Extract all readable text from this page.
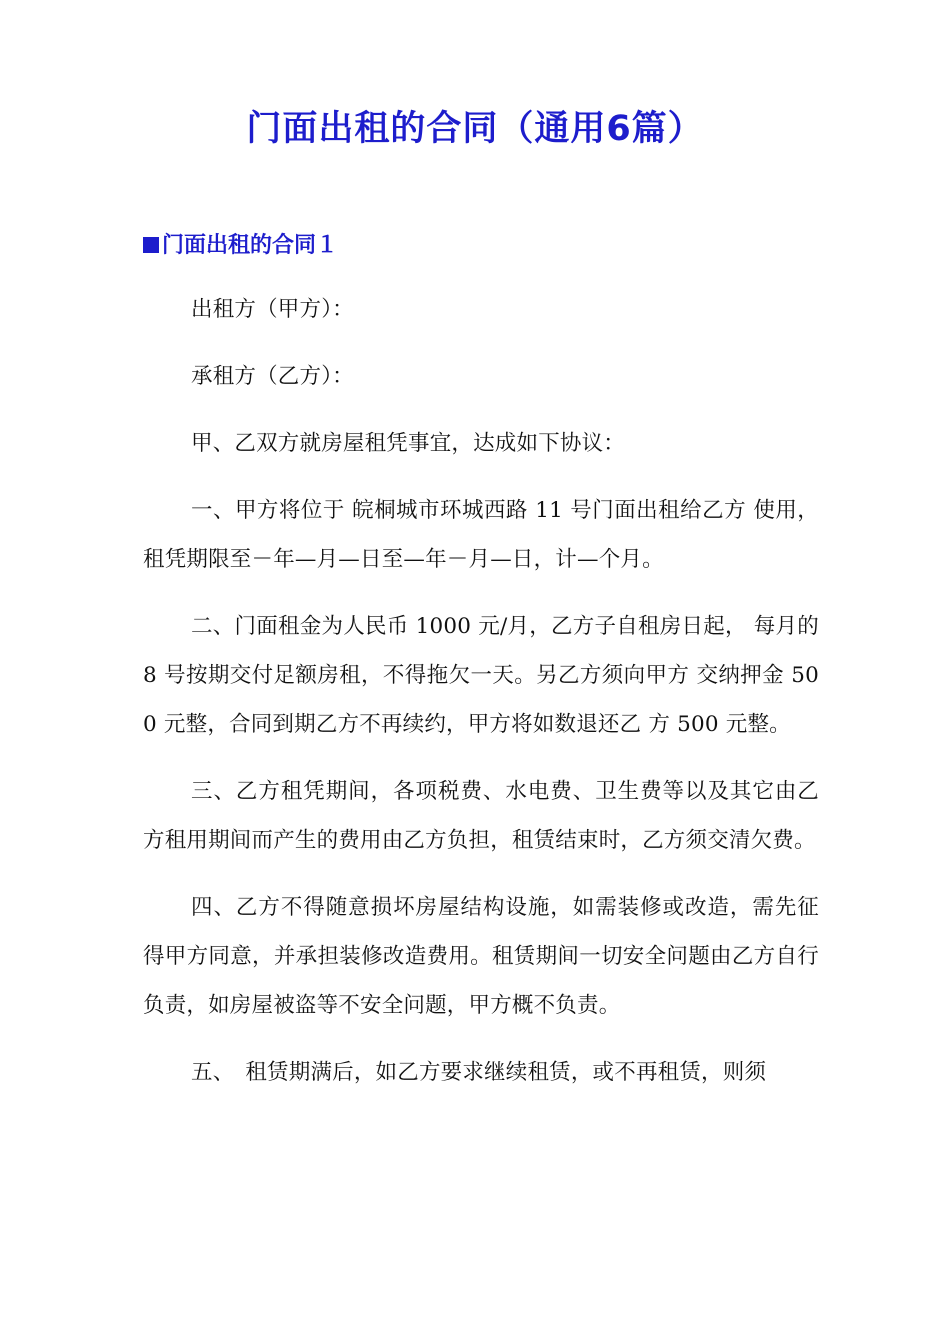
门面出租的合同（通用6篇）
门面出租的合同１

出租方（甲方）：

承租方（乙方）：

甲、乙双方就房屋租凭事宜，达成如下协议：

一、甲方将位于 皖桐城市环城西路 11 号门面出租给乙方 使用，租凭期限至－年—月—日至—年－月—日，计—个月。

二、门面租金为人民币 1000 元/月，乙方子自租房日起， 每月的 8 号按期交付足额房租，不得拖欠一天。另乙方须向甲方 交纳押金 500 元整，合同到期乙方不再续约，甲方将如数退还乙 方 500 元整。

三、乙方租凭期间，各项税费、水电费、卫生费等以及其它由乙方租用期间而产生的费用由乙方负担，租赁结束时，乙方须交清欠费。

四、乙方不得随意损坏房屋结构设施，如需装修或改造，需先征得甲方同意，并承担装修改造费用。租赁期间一切安全问题由乙方自行负责，如房屋被盗等不安全问题，甲方概不负责。

五、　租赁期满后，如乙方要求继续租赁，或不再租赁，则须
